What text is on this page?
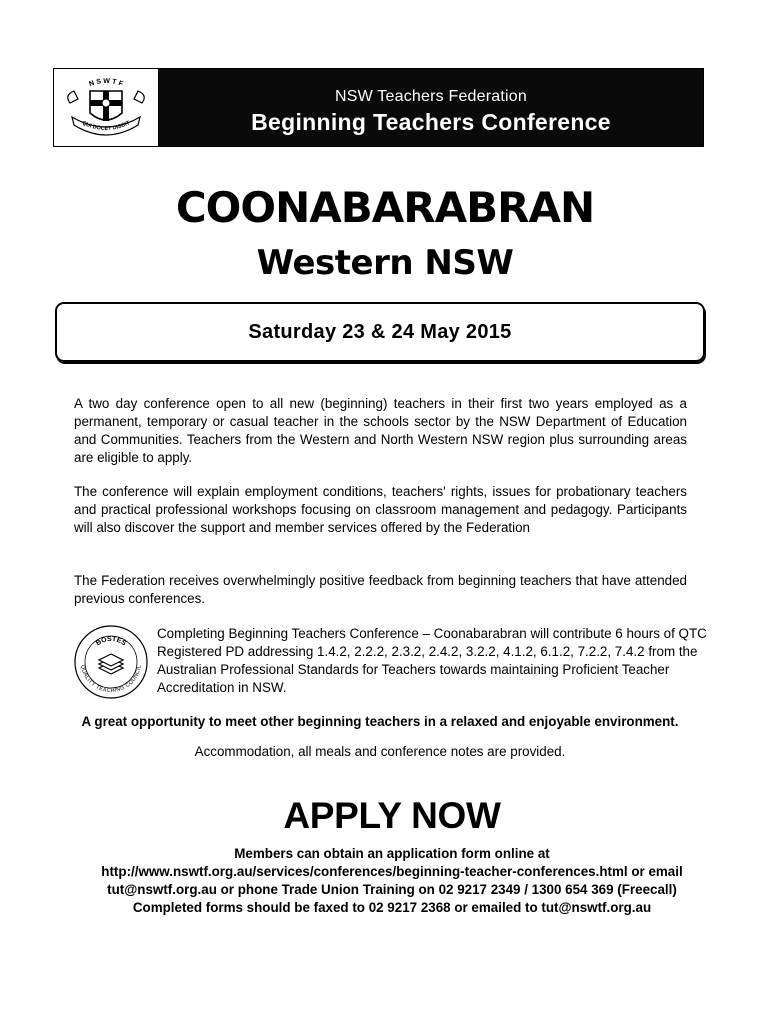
N S W T F
QUI DOCET DISCIT
NSW Teachers Federation
Beginning Teachers Conference
COONABARABRAN
Western NSW
Saturday 23 & 24 May 2015

A two day conference open to all new (beginning) teachers in their first two years employed as a permanent, temporary or casual teacher in the schools sector by the NSW Department of Education and Communities. Teachers from the Western and North Western NSW region plus surrounding areas are eligible to apply.

The conference will explain employment conditions, teachers' rights, issues for probationary teachers and practical professional workshops focusing on classroom management and pedagogy. Participants will also discover the support and member services offered by the Federation

The Federation receives overwhelmingly positive feedback from beginning teachers that have attended previous conferences.

BOSTES
QUALITY TEACHING COUNCIL

Completing Beginning Teachers Conference – Coonabarabran will contribute 6 hours of QTC Registered PD addressing 1.4.2, 2.2.2, 2.3.2, 2.4.2, 3.2.2, 4.1.2, 6.1.2, 7.2.2, 7.4.2 from the Australian Professional Standards for Teachers towards maintaining Proficient Teacher Accreditation in NSW.

A great opportunity to meet other beginning teachers in a relaxed and enjoyable environment.

Accommodation, all meals and conference notes are provided.

APPLY NOW

Members can obtain an application form online at
http://www.nswtf.org.au/services/conferences/beginning-teacher-conferences.html or email
tut@nswtf.org.au or phone Trade Union Training on 02 9217 2349 / 1300 654 369 (Freecall)
Completed forms should be faxed to 02 9217 2368 or emailed to tut@nswtf.org.au
